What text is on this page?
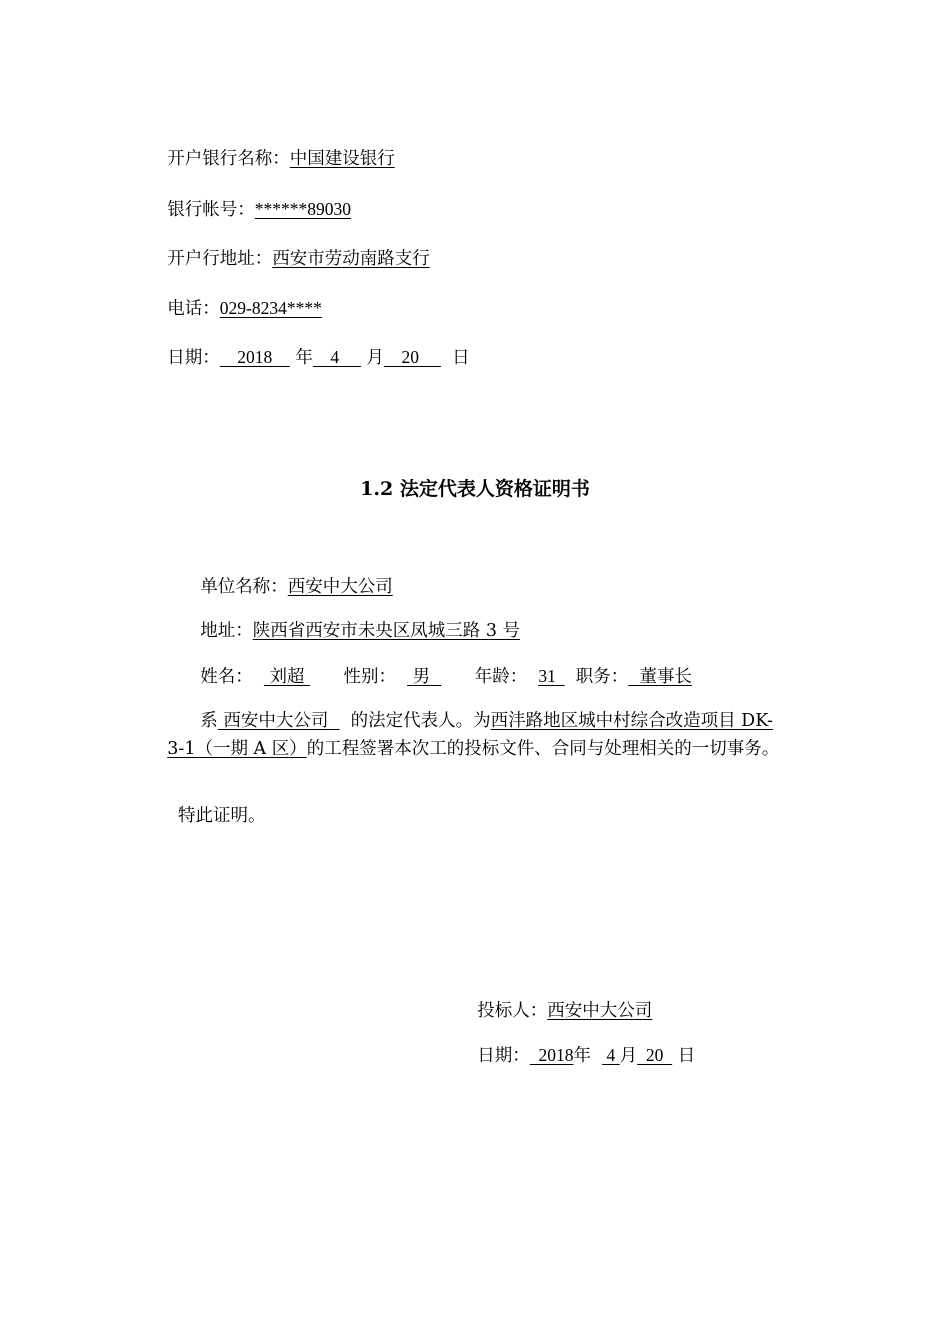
开户银行名称：中国建设银行

银行帐号：******89030

开户行地址：西安市劳动南路支行

电话：029-8234****

日期： 2018 年 4 月 20 日

1.2 法定代表人资格证明书

单位名称：西安中大公司

地址：陕西省西安市未央区凤城三路 3 号

姓名： 刘超 性别： 男	年龄： 31 职务： 董事长

系 西安中大公司 的法定代表人。为西沣路地区城中村综合改造项目 DK-

3-1（一期 A 区）的工程签署本次工的投标文件、合同与处理相关的一切事务。

特此证明。

投标人：西安中大公司

日期： 2018年 4 月 20 日
